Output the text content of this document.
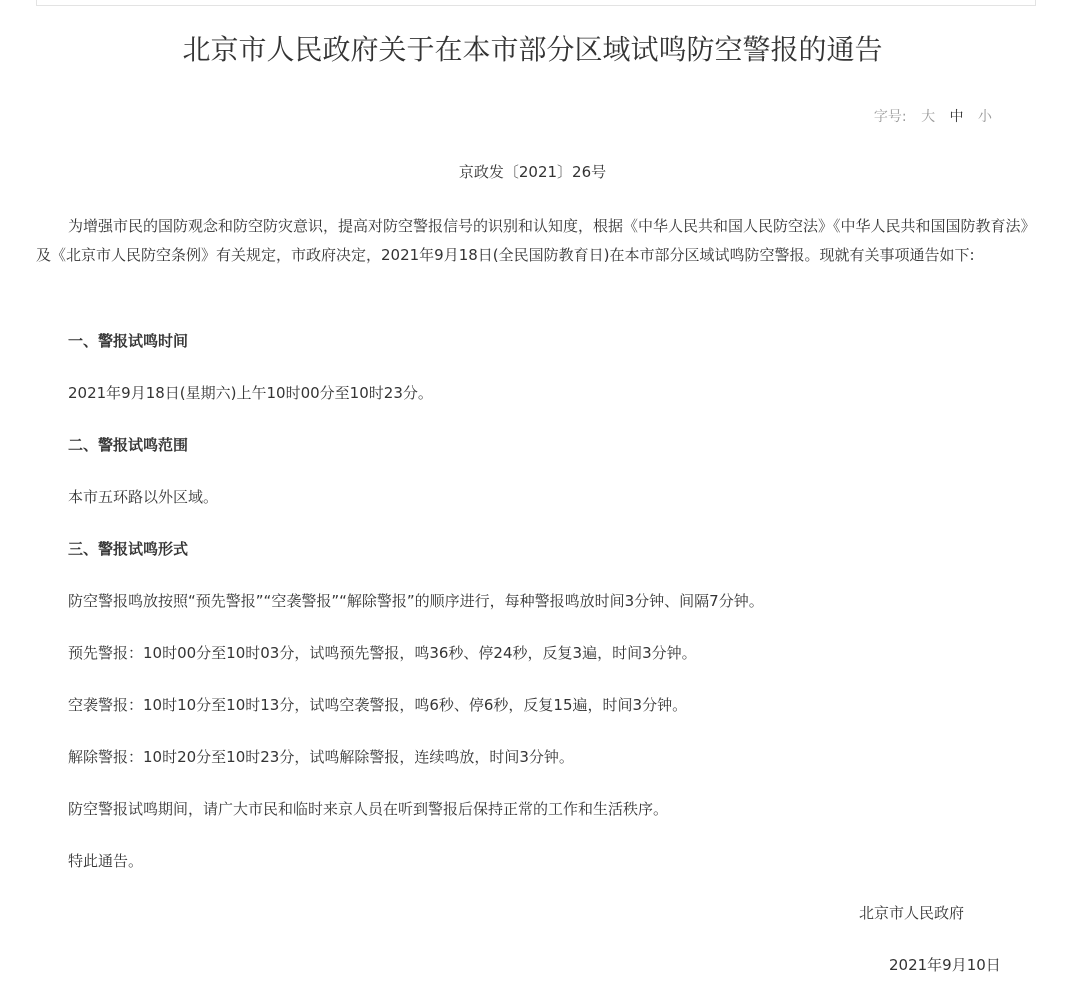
北京市人民政府关于在本市部分区域试鸣防空警报的通告
字号: 大 中 小
京政发〔2021〕26号
为增强市民的国防观念和防空防灾意识，提高对防空警报信号的识别和认知度，根据《中华人民共和国人民防空法》《中华人民共和国国防教育法》及《北京市人民防空条例》有关规定，市政府决定，2021年9月18日(全民国防教育日)在本市部分区域试鸣防空警报。现就有关事项通告如下:
一、警报试鸣时间
2021年9月18日(星期六)上午10时00分至10时23分。
二、警报试鸣范围
本市五环路以外区域。
三、警报试鸣形式
防空警报鸣放按照“预先警报”“空袭警报”“解除警报”的顺序进行，每种警报鸣放时间3分钟、间隔7分钟。
预先警报：10时00分至10时03分，试鸣预先警报，鸣36秒、停24秒，反复3遍，时间3分钟。
空袭警报：10时10分至10时13分，试鸣空袭警报，鸣6秒、停6秒，反复15遍，时间3分钟。
解除警报：10时20分至10时23分，试鸣解除警报，连续鸣放，时间3分钟。
防空警报试鸣期间，请广大市民和临时来京人员在听到警报后保持正常的工作和生活秩序。
特此通告。
北京市人民政府
2021年9月10日
